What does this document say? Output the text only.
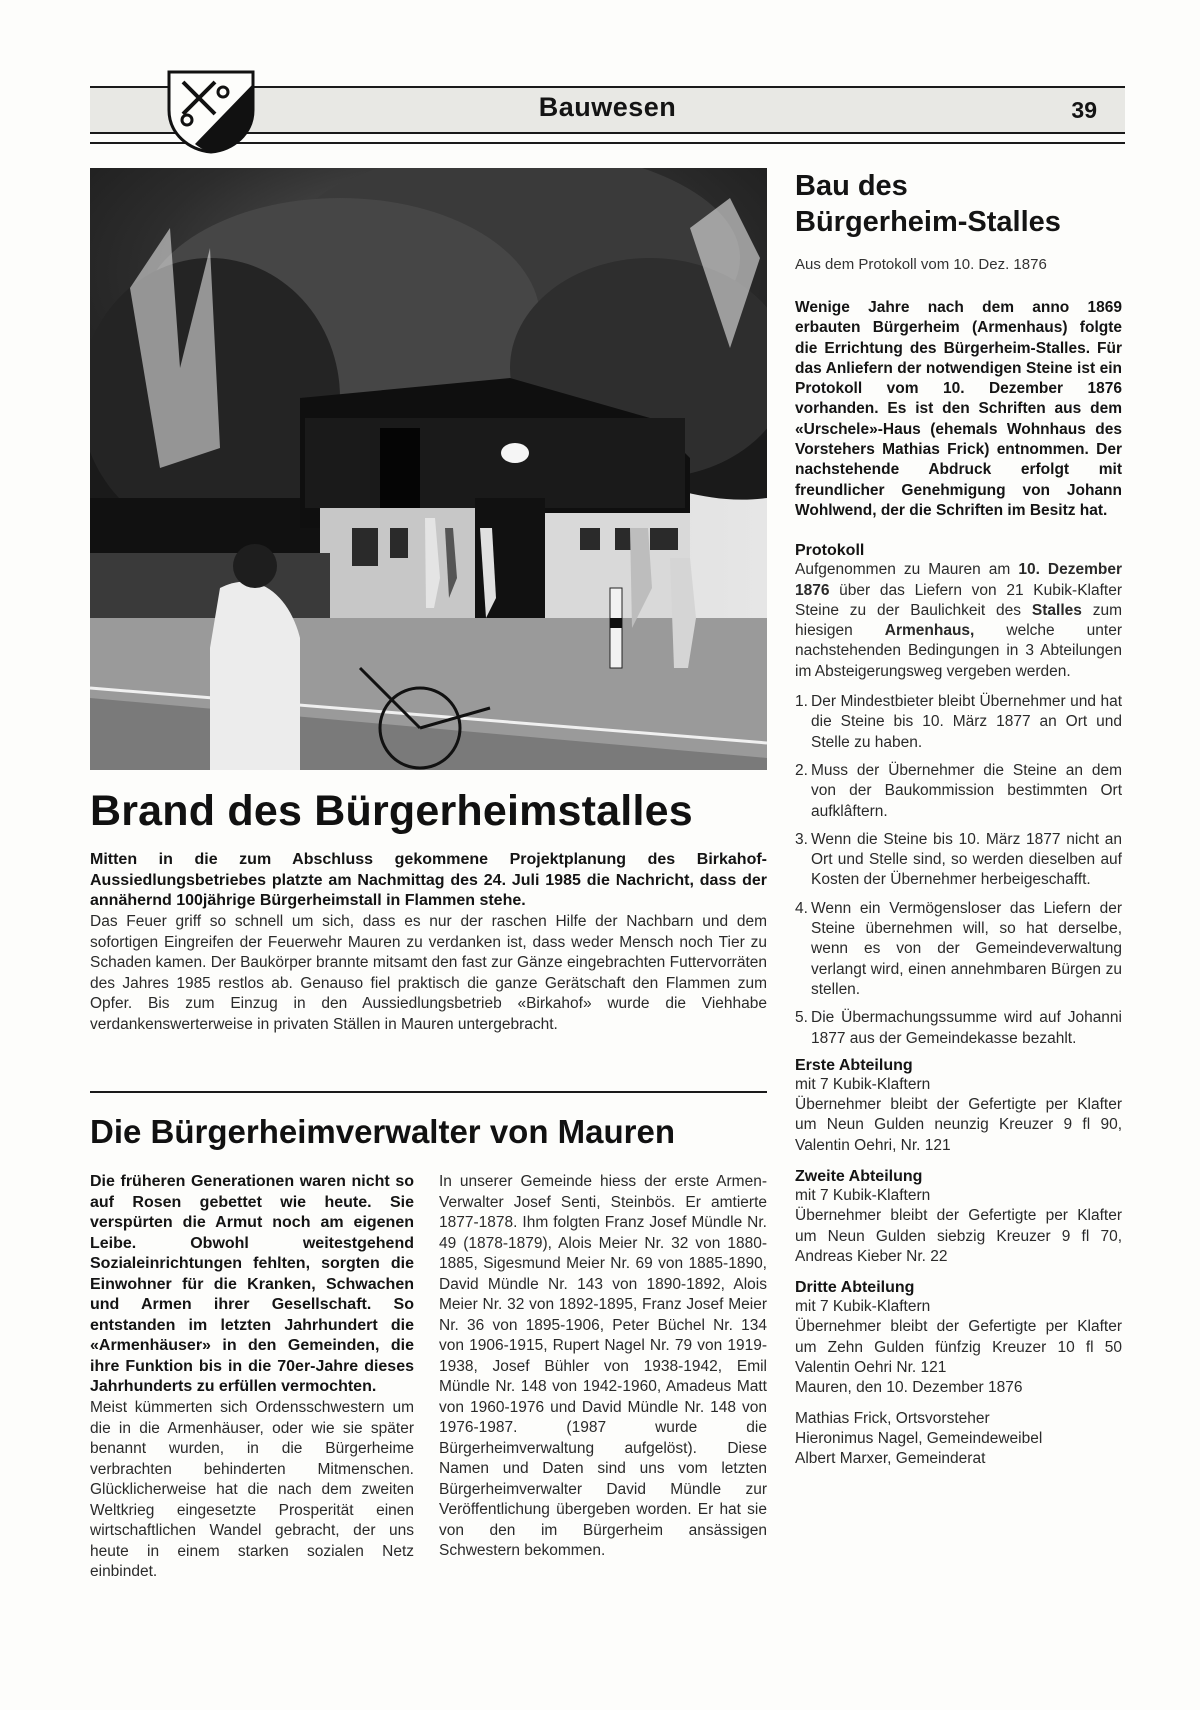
Bauwesen	39
Brand des Bürgerheimstalles

Mitten in die zum Abschluss gekommene Projektplanung des Birkahof-Aussiedlungsbetriebes platzte am Nachmittag des 24. Juli 1985 die Nachricht, dass der annähernd 100jährige Bürgerheimstall in Flammen stehe.

Das Feuer griff so schnell um sich, dass es nur der raschen Hilfe der Nachbarn und dem sofortigen Eingreifen der Feuerwehr Mauren zu verdanken ist, dass weder Mensch noch Tier zu Schaden kamen. Der Baukörper brannte mitsamt den fast zur Gänze eingebrachten Futtervorräten des Jahres 1985 restlos ab. Genauso fiel praktisch die ganze Gerätschaft den Flammen zum Opfer. Bis zum Einzug in den Aussiedlungsbetrieb «Birkahof» wurde die Viehhabe verdankenswerterweise in privaten Ställen in Mauren untergebracht.

Die Bürgerheimverwalter von Mauren

Die früheren Generationen waren nicht so auf Rosen gebettet wie heute. Sie verspürten die Armut noch am eigenen Leibe. Obwohl weitestgehend Sozialeinrichtungen fehlten, sorgten die Einwohner für die Kranken, Schwachen und Armen ihrer Gesellschaft. So entstanden im letzten Jahrhundert die «Armenhäuser» in den Gemeinden, die ihre Funktion bis in die 70er-Jahre dieses Jahrhunderts zu erfüllen vermochten.

Meist kümmerten sich Ordensschwestern um die in die Armenhäuser, oder wie sie später benannt wurden, in die Bürgerheime verbrachten behinderten Mitmenschen. Glücklicherweise hat die nach dem zweiten Weltkrieg eingesetzte Prosperität einen wirtschaftlichen Wandel gebracht, der uns heute in einem starken sozialen Netz einbindet.

In unserer Gemeinde hiess der erste Armen-Verwalter Josef Senti, Steinbös. Er amtierte 1877-1878. Ihm folgten Franz Josef Mündle Nr. 49 (1878-1879), Alois Meier Nr. 32 von 1880-1885, Sigesmund Meier Nr. 69 von 1885-1890, David Mündle Nr. 143 von 1890-1892, Alois Meier Nr. 32 von 1892-1895, Franz Josef Meier Nr. 36 von 1895-1906, Peter Büchel Nr. 134 von 1906-1915, Rupert Nagel Nr. 79 von 1919-1938, Josef Bühler von 1938-1942, Emil Mündle Nr. 148 von 1942-1960, Amadeus Matt von 1960-1976 und David Mündle Nr. 148 von 1976-1987. (1987 wurde die Bürgerheimverwaltung aufgelöst). Diese Namen und Daten sind uns vom letzten Bürgerheimverwalter David Mündle zur Veröffentlichung übergeben worden. Er hat sie von den im Bürgerheim ansässigen Schwestern bekommen.

Bau des
Bürgerheim-Stalles

Aus dem Protokoll vom 10. Dez. 1876

Wenige Jahre nach dem anno 1869 erbauten Bürgerheim (Armenhaus) folgte die Errichtung des Bürgerheim-Stalles. Für das Anliefern der notwendigen Steine ist ein Protokoll vom 10. Dezember 1876 vorhanden. Es ist den Schriften aus dem «Urschele»-Haus (ehemals Wohnhaus des Vorstehers Mathias Frick) entnommen. Der nachstehende Abdruck erfolgt mit freundlicher Genehmigung von Johann Wohlwend, der die Schriften im Besitz hat.

Protokoll

Aufgenommen zu Mauren am 10. Dezember 1876 über das Liefern von 21 Kubik-Klafter Steine zu der Baulichkeit des Stalles zum hiesigen Armenhaus, welche unter nachstehenden Bedingungen in 3 Abteilungen im Absteigerungsweg vergeben werden.

1. Der Mindestbieter bleibt Übernehmer und hat die Steine bis 10. März 1877 an Ort und Stelle zu haben.
2. Muss der Übernehmer die Steine an dem von der Baukommission bestimmten Ort aufklâftern.
3. Wenn die Steine bis 10. März 1877 nicht an Ort und Stelle sind, so werden dieselben auf Kosten der Übernehmer herbeigeschafft.
4. Wenn ein Vermögensloser das Liefern der Steine übernehmen will, so hat derselbe, wenn es von der Gemeindeverwaltung verlangt wird, einen annehmbaren Bürgen zu stellen.
5. Die Übermachungssumme wird auf Johanni 1877 aus der Gemeindekasse bezahlt.

Erste Abteilung

mit 7 Kubik-Klaftern

Übernehmer bleibt der Gefertigte per Klafter um Neun Gulden neunzig Kreuzer 9 fl 90, Valentin Oehri, Nr. 121

Zweite Abteilung

mit 7 Kubik-Klaftern

Übernehmer bleibt der Gefertigte per Klafter um Neun Gulden siebzig Kreuzer 9 fl 70, Andreas Kieber Nr. 22

Dritte Abteilung

mit 7 Kubik-Klaftern

Übernehmer bleibt der Gefertigte per Klafter um Zehn Gulden fünfzig Kreuzer 10 fl 50 Valentin Oehri Nr. 121

Mauren, den 10. Dezember 1876

Mathias Frick, Ortsvorsteher

Hieronimus Nagel, Gemeindeweibel

Albert Marxer, Gemeinderat
